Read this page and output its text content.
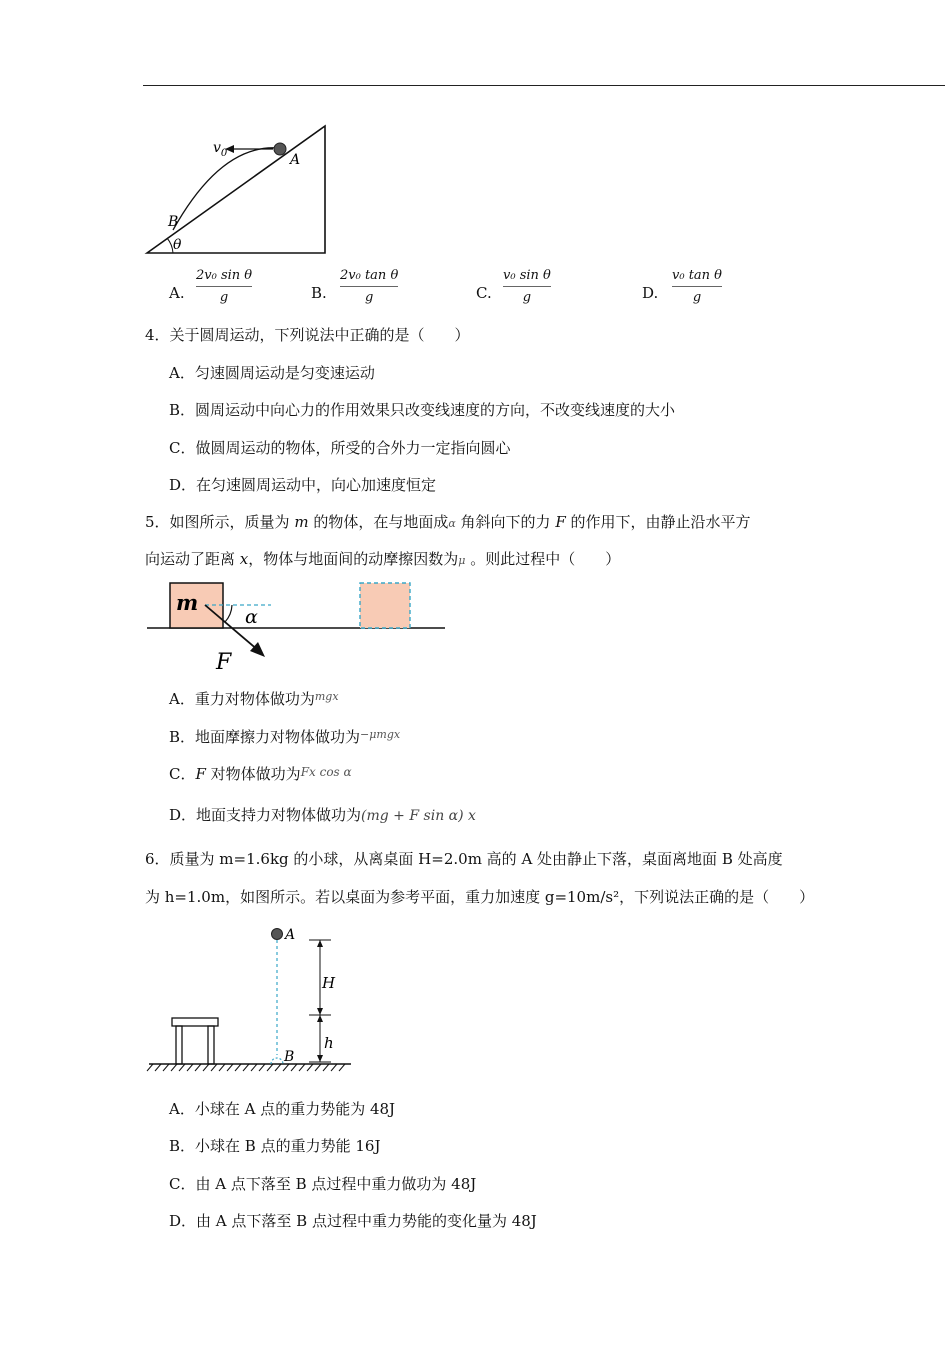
$v_0$	A
B
θ
A.
2v₀ sin θ
g	B.
2v₀ tan θ
g	C.
v₀ sin θ
g	D.
v₀ tan θ
g
4．关于圆周运动，下列说法中正确的是（　　）
A．匀速圆周运动是匀变速运动
B．圆周运动中向心力的作用效果只改变线速度的方向，不改变线速度的大小
C．做圆周运动的物体，所受的合外力一定指向圆心
D．在匀速圆周运动中，向心加速度恒定
5．如图所示，质量为 m 的物体，在与地面成α 角斜向下的力 F 的作用下，由静止沿水平方
向运动了距离 x，物体与地面间的动摩擦因数为μ 。则此过程中（　　）
m
α
F
A．重力对物体做功为$^{mgx}$
B．地面摩擦力对物体做功为$^{-\mu mgx}$
C．F 对物体做功为$^{Fx cos \alpha}$
D．地面支持力对物体做功为(mg + F sin α) x
6．质量为 m=1.6kg 的小球，从离桌面 H=2.0m 高的 A 处由静止下落，桌面离地面 B 处高度
为 h=1.0m，如图所示。若以桌面为参考平面，重力加速度 g=10m/s²，下列说法正确的是（　　）
A
B
H
h
A．小球在 A 点的重力势能为 48J
B．小球在 B 点的重力势能 16J
C．由 A 点下落至 B 点过程中重力做功为 48J
D．由 A 点下落至 B 点过程中重力势能的变化量为 48J
